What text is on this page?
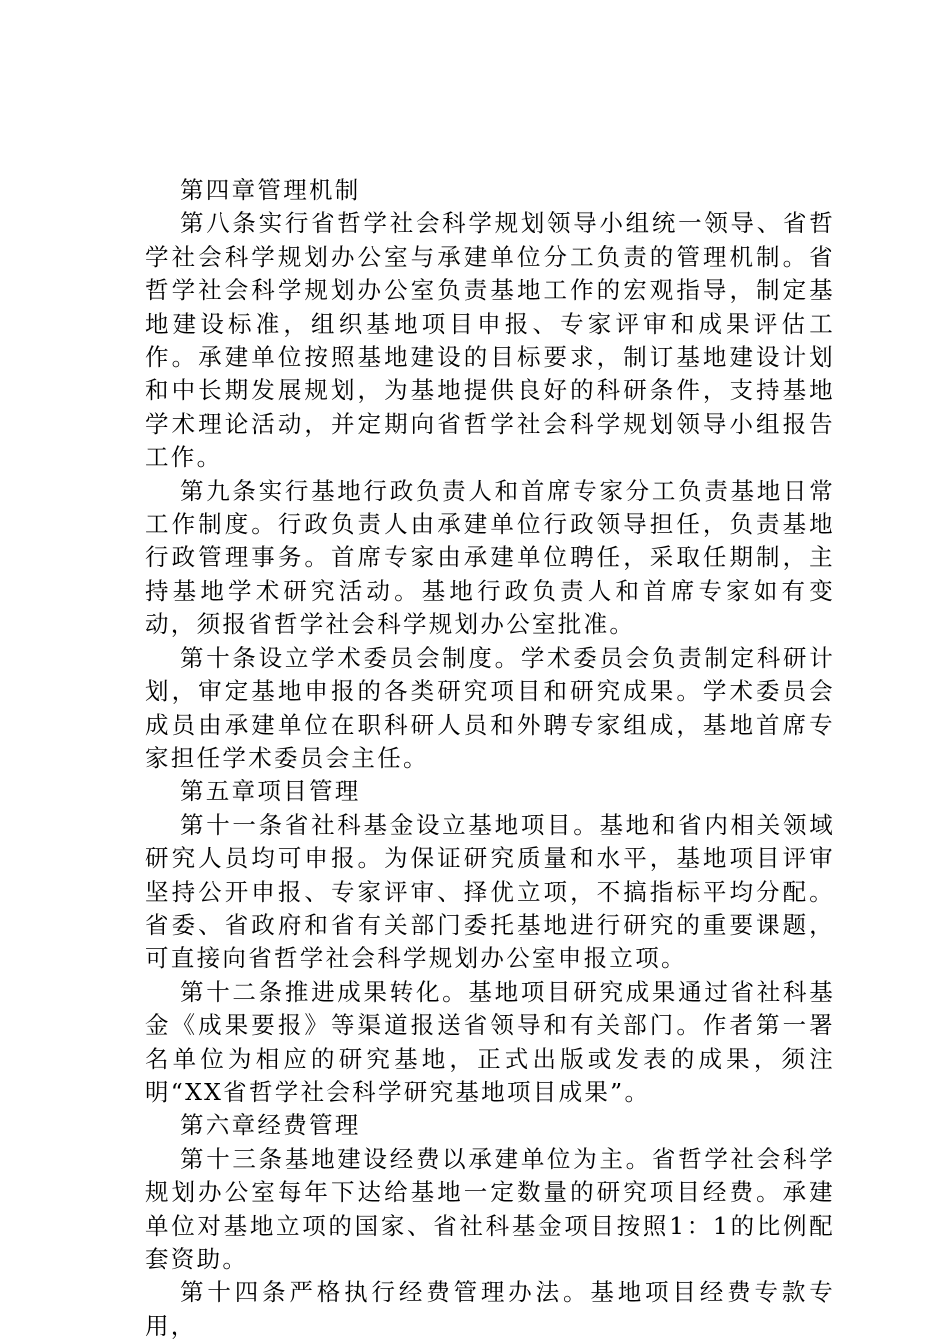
第四章管理机制

第八条实行省哲学社会科学规划领导小组统一领导、省哲学社会科学规划办公室与承建单位分工负责的管理机制。省哲学社会科学规划办公室负责基地工作的宏观指导，制定基地建设标准，组织基地项目申报、专家评审和成果评估工作。承建单位按照基地建设的目标要求，制订基地建设计划和中长期发展规划，为基地提供良好的科研条件，支持基地学术理论活动，并定期向省哲学社会科学规划领导小组报告工作。

第九条实行基地行政负责人和首席专家分工负责基地日常工作制度。行政负责人由承建单位行政领导担任，负责基地行政管理事务。首席专家由承建单位聘任，采取任期制，主持基地学术研究活动。基地行政负责人和首席专家如有变动，须报省哲学社会科学规划办公室批准。

第十条设立学术委员会制度。学术委员会负责制定科研计划，审定基地申报的各类研究项目和研究成果。学术委员会成员由承建单位在职科研人员和外聘专家组成，基地首席专家担任学术委员会主任。

第五章项目管理

第十一条省社科基金设立基地项目。基地和省内相关领域研究人员均可申报。为保证研究质量和水平，基地项目评审坚持公开申报、专家评审、择优立项，不搞指标平均分配。省委、省政府和省有关部门委托基地进行研究的重要课题，可直接向省哲学社会科学规划办公室申报立项。

第十二条推进成果转化。基地项目研究成果通过省社科基金《成果要报》等渠道报送省领导和有关部门。作者第一署名单位为相应的研究基地，正式出版或发表的成果，须注明“XX省哲学社会科学研究基地项目成果”。

第六章经费管理

第十三条基地建设经费以承建单位为主。省哲学社会科学规划办公室每年下达给基地一定数量的研究项目经费。承建单位对基地立项的国家、省社科基金项目按照1：1的比例配套资助。

第十四条严格执行经费管理办法。基地项目经费专款专用，
